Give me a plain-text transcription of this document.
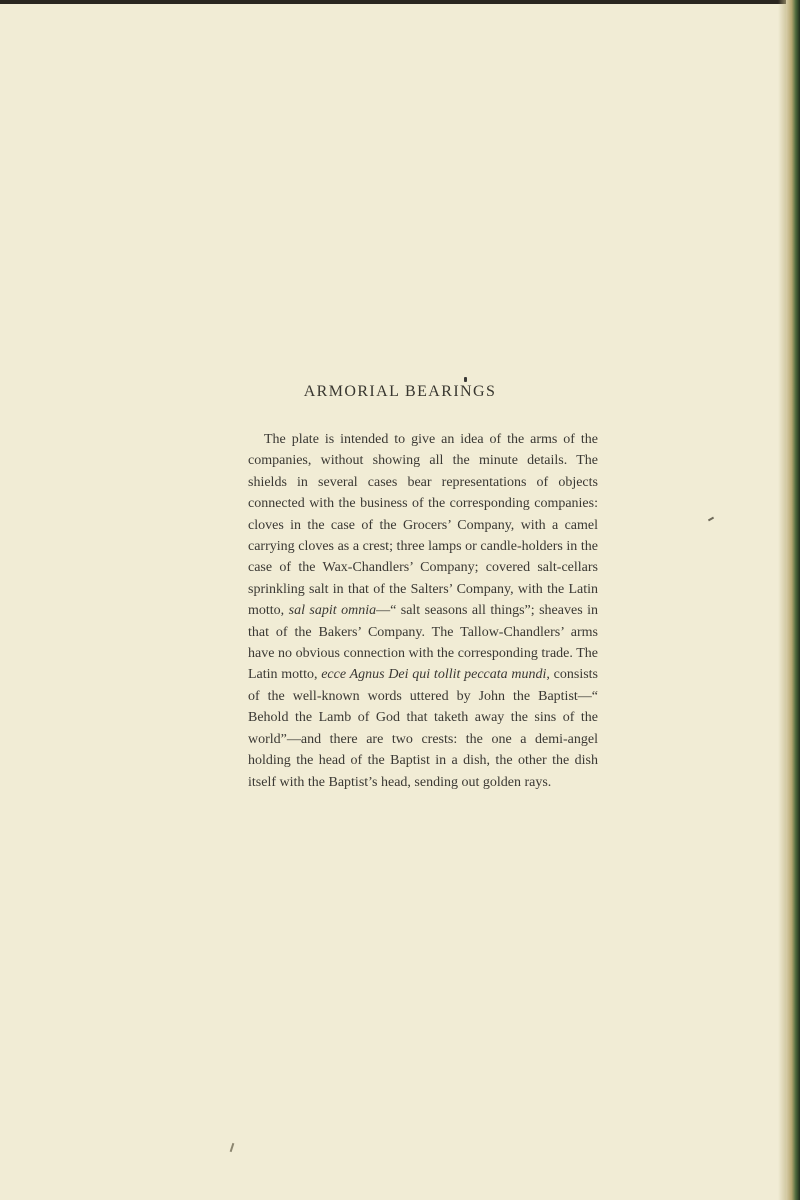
ARMORIAL BEARINGS

The plate is intended to give an idea of the arms of the companies, without showing all the minute details. The shields in several cases bear representations of objects connected with the business of the corresponding companies: cloves in the case of the Grocers’ Company, with a camel carrying cloves as a crest; three lamps or candle-holders in the case of the Wax-Chandlers’ Company; covered salt-cellars sprinkling salt in that of the Salters’ Company, with the Latin motto, sal sapit omnia—“ salt seasons all things”; sheaves in that of the Bakers’ Company. The Tallow-Chandlers’ arms have no obvious connection with the corresponding trade. The Latin motto, ecce Agnus Dei qui tollit peccata mundi, consists of the well-known words uttered by John the Baptist—“ Behold the Lamb of God that taketh away the sins of the world”—and there are two crests: the one a demi-angel holding the head of the Baptist in a dish, the other the dish itself with the Baptist’s head, sending out golden rays.
